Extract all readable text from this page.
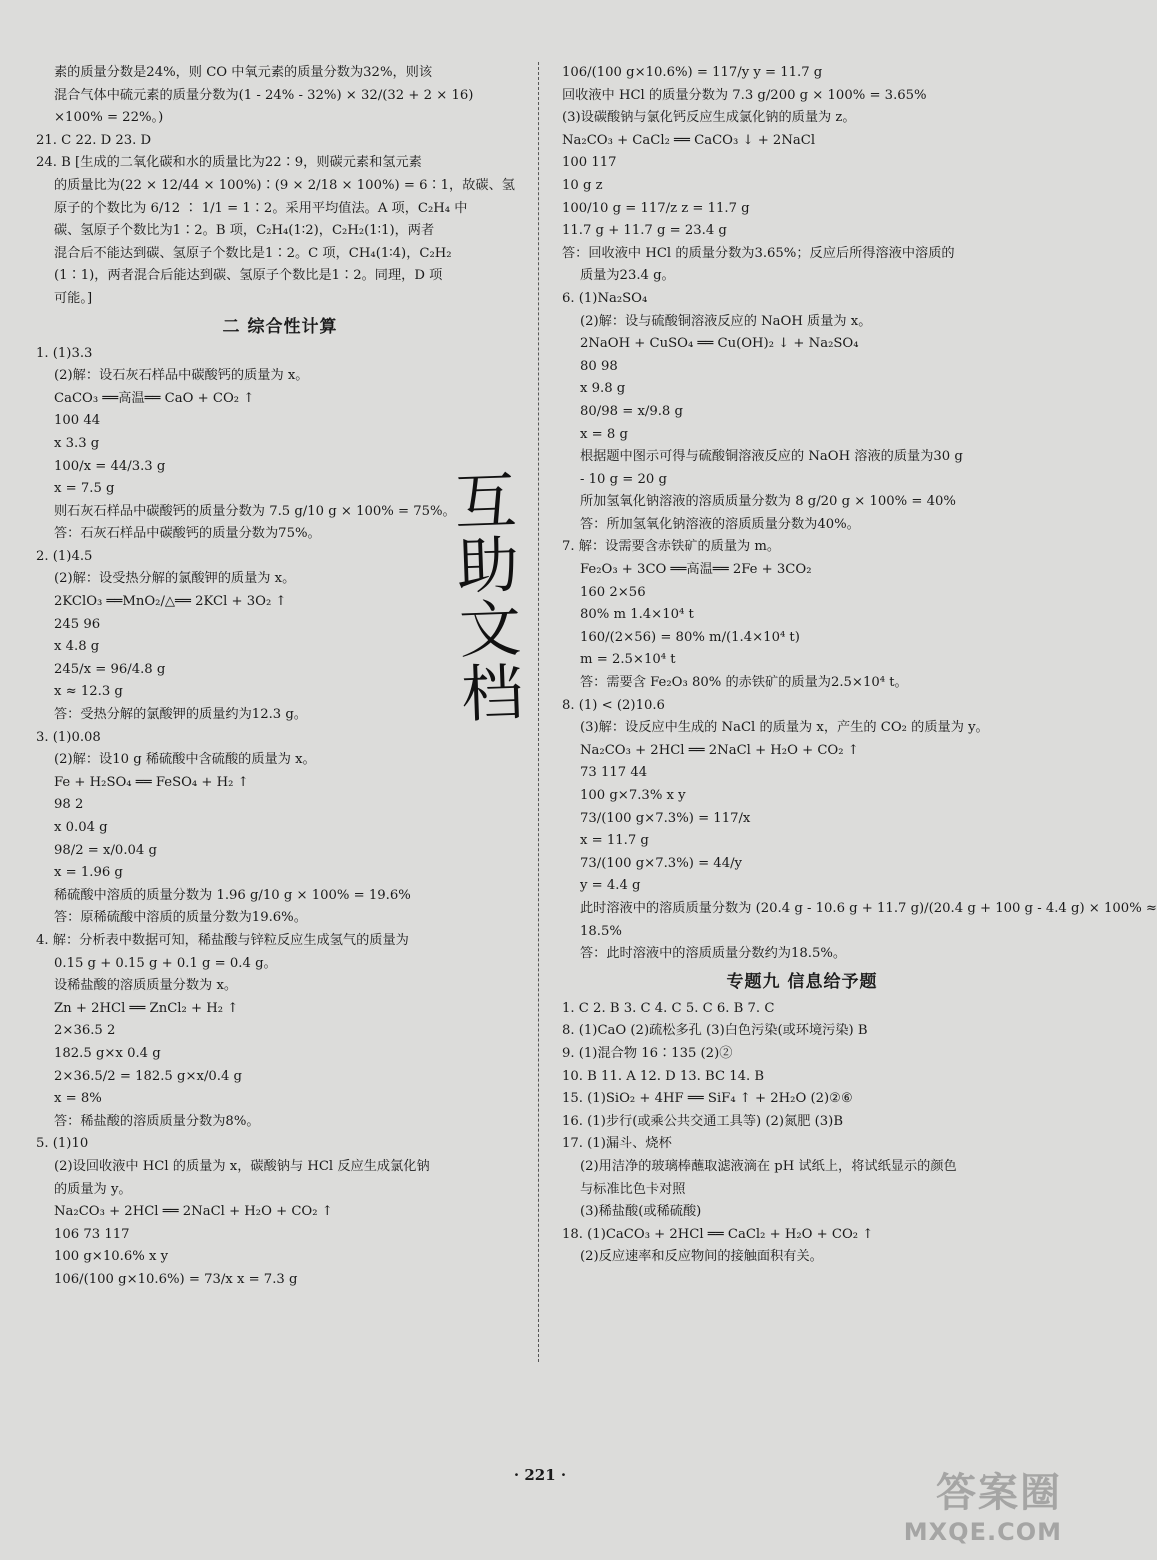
素的质量分数是24%，则 CO 中氧元素的质量分数为32%，则该
混合气体中硫元素的质量分数为(1 - 24% - 32%) × 32/(32 + 2 × 16)
×100% = 22%。)
21. C 22. D 23. D
24. B [生成的二氧化碳和水的质量比为22∶9，则碳元素和氢元素
的质量比为(22 × 12/44 × 100%)∶(9 × 2/18 × 100%) = 6∶1，故碳、氢
原子的个数比为 6/12 ∶ 1/1 = 1∶2。采用平均值法。A 项，C₂H₄ 中
碳、氢原子个数比为1∶2。B 项，C₂H₄(1∶2)，C₂H₂(1∶1)，两者
混合后不能达到碳、氢原子个数比是1∶2。C 项，CH₄(1∶4)，C₂H₂
(1∶1)，两者混合后能达到碳、氢原子个数比是1∶2。同理，D 项
可能。]
二 综合性计算
1. (1)3.3
(2)解：设石灰石样品中碳酸钙的质量为 x。
CaCO₃ ══高温══ CaO + CO₂ ↑
100 44
x 3.3 g
100/x = 44/3.3 g
x = 7.5 g
则石灰石样品中碳酸钙的质量分数为 7.5 g/10 g × 100% = 75%。
答：石灰石样品中碳酸钙的质量分数为75%。
2. (1)4.5
(2)解：设受热分解的氯酸钾的质量为 x。
2KClO₃ ══MnO₂/△══ 2KCl + 3O₂ ↑
245 96
x 4.8 g
245/x = 96/4.8 g
x ≈ 12.3 g
答：受热分解的氯酸钾的质量约为12.3 g。
3. (1)0.08
(2)解：设10 g 稀硫酸中含硫酸的质量为 x。
Fe + H₂SO₄ ══ FeSO₄ + H₂ ↑
98 2
x 0.04 g
98/2 = x/0.04 g
x = 1.96 g
稀硫酸中溶质的质量分数为 1.96 g/10 g × 100% = 19.6%
答：原稀硫酸中溶质的质量分数为19.6%。
4. 解：分析表中数据可知，稀盐酸与锌粒反应生成氢气的质量为
0.15 g + 0.15 g + 0.1 g = 0.4 g。
设稀盐酸的溶质质量分数为 x。
Zn + 2HCl ══ ZnCl₂ + H₂ ↑
2×36.5 2
182.5 g×x 0.4 g
2×36.5/2 = 182.5 g×x/0.4 g
x = 8%
答：稀盐酸的溶质质量分数为8%。
5. (1)10
(2)设回收液中 HCl 的质量为 x，碳酸钠与 HCl 反应生成氯化钠
的质量为 y。
Na₂CO₃ + 2HCl ══ 2NaCl + H₂O + CO₂ ↑
106 73 117
100 g×10.6% x y
106/(100 g×10.6%) = 73/x x = 7.3 g
106/(100 g×10.6%) = 117/y y = 11.7 g
回收液中 HCl 的质量分数为 7.3 g/200 g × 100% = 3.65%
(3)设碳酸钠与氯化钙反应生成氯化钠的质量为 z。
Na₂CO₃ + CaCl₂ ══ CaCO₃ ↓ + 2NaCl
100 117
10 g z
100/10 g = 117/z z = 11.7 g
11.7 g + 11.7 g = 23.4 g
答：回收液中 HCl 的质量分数为3.65%；反应后所得溶液中溶质的
质量为23.4 g。
6. (1)Na₂SO₄
(2)解：设与硫酸铜溶液反应的 NaOH 质量为 x。
2NaOH + CuSO₄ ══ Cu(OH)₂ ↓ + Na₂SO₄
80 98
x 9.8 g
80/98 = x/9.8 g
x = 8 g
根据题中图示可得与硫酸铜溶液反应的 NaOH 溶液的质量为30 g
- 10 g = 20 g
所加氢氧化钠溶液的溶质质量分数为 8 g/20 g × 100% = 40%
答：所加氢氧化钠溶液的溶质质量分数为40%。
7. 解：设需要含赤铁矿的质量为 m。
Fe₂O₃ + 3CO ══高温══ 2Fe + 3CO₂
160 2×56
80% m 1.4×10⁴ t
160/(2×56) = 80% m/(1.4×10⁴ t)
m = 2.5×10⁴ t
答：需要含 Fe₂O₃ 80% 的赤铁矿的质量为2.5×10⁴ t。
8. (1) < (2)10.6
(3)解：设反应中生成的 NaCl 的质量为 x，产生的 CO₂ 的质量为 y。
Na₂CO₃ + 2HCl ══ 2NaCl + H₂O + CO₂ ↑
73 117 44
100 g×7.3% x y
73/(100 g×7.3%) = 117/x
x = 11.7 g
73/(100 g×7.3%) = 44/y
y = 4.4 g
此时溶液中的溶质质量分数为 (20.4 g - 10.6 g + 11.7 g)/(20.4 g + 100 g - 4.4 g) × 100% ≈
18.5%
答：此时溶液中的溶质质量分数约为18.5%。
专题九 信息给予题
1. C 2. B 3. C 4. C 5. C 6. B 7. C
8. (1)CaO (2)疏松多孔 (3)白色污染(或环境污染) B
9. (1)混合物 16∶135 (2)②
10. B 11. A 12. D 13. BC 14. B
15. (1)SiO₂ + 4HF ══ SiF₄ ↑ + 2H₂O (2)②⑥
16. (1)步行(或乘公共交通工具等) (2)氮肥 (3)B
17. (1)漏斗、烧杯
(2)用洁净的玻璃棒蘸取滤液滴在 pH 试纸上，将试纸显示的颜色
与标准比色卡对照
(3)稀盐酸(或稀硫酸)
18. (1)CaCO₃ + 2HCl ══ CaCl₂ + H₂O + CO₂ ↑
(2)反应速率和反应物间的接触面积有关。
互
助
文
档
· 221 ·	答案圈
MXQE.COM
